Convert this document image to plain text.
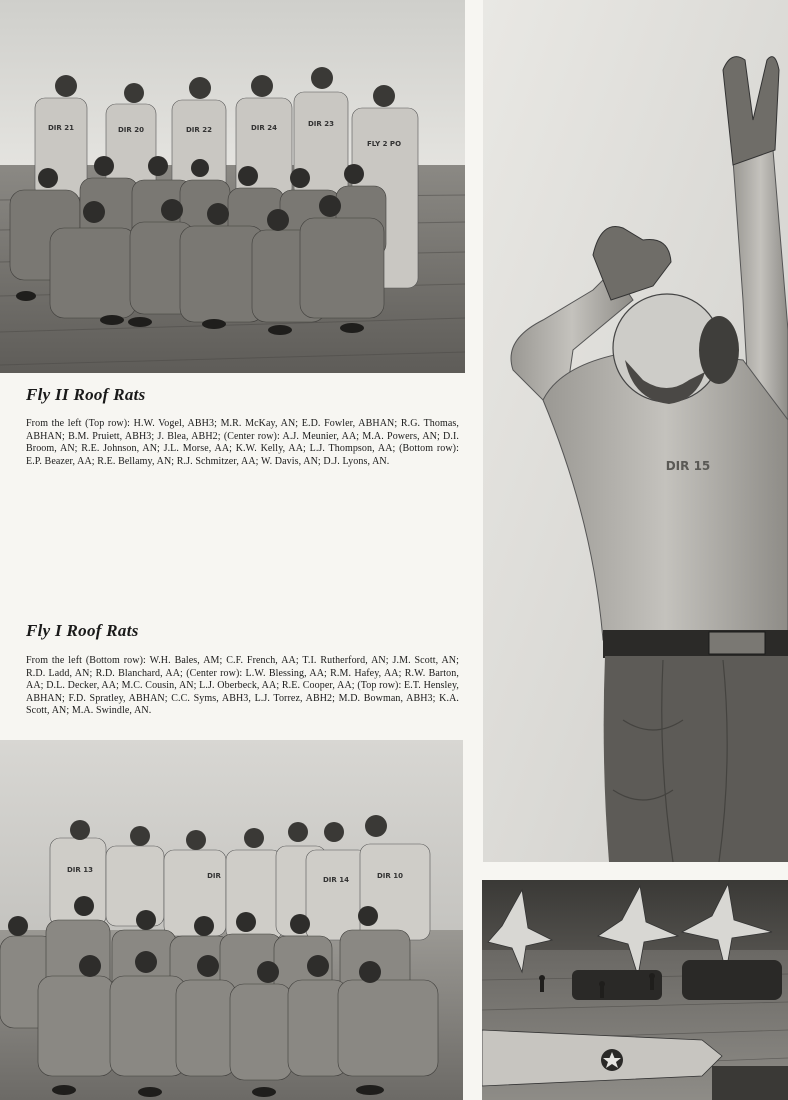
DIR 21	DIR 20	DIR 22	DIR 24	DIR 23
FLY 2 PO
Fly II Roof Rats

From the left (Top row): H.W. Vogel, ABH3; M.R. McKay, AN; E.D. Fowler, ABHAN; R.G. Thomas, ABHAN; B.M. Pruiett, ABH3; J. Blea, ABH2; (Center row): A.J. Meunier, AA; M.A. Powers, AN; D.I. Broom, AN; R.E. Johnson, AN; J.L. Morse, AA; K.W. Kelly, AA; L.J. Thompson, AA; (Bottom row): E.P. Beazer, AA; R.E. Bellamy, AN; R.J. Schmitzer, AA; W. Davis, AN; D.J. Lyons, AN.

Fly I Roof Rats

From the left (Bottom row): W.H. Bales, AM; C.F. French, AA; T.I. Rutherford, AN; J.M. Scott, AN; R.D. Ladd, AN; R.D. Blanchard, AA; (Center row): L.W. Blessing, AA; R.M. Hafey, AA; R.W. Barton, AA; D.L. Decker, AA; M.C. Cousin, AN; L.J. Oberbeck, AA; R.E. Cooper, AA; (Top row): E.T. Hensley, ABHAN; F.D. Spratley, ABHAN; C.C. Syms, ABH3, L.J. Torrez, ABH2; M.D. Bowman, ABH3; K.A. Scott, AN; M.A. Swindle, AN.

DIR 13
DIR	DIR 14	DIR 10
DIR 15
